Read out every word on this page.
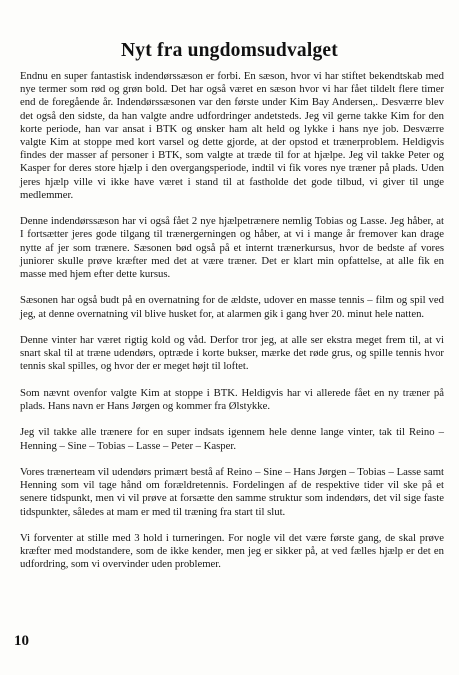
Nyt fra ungdomsudvalget

Endnu en super fantastisk indendørssæson er forbi. En sæson, hvor vi har stiftet bekendtskab med nye termer som rød og grøn bold. Det har også været en sæson hvor vi har fået tildelt flere timer end de foregående år. Indendørssæsonen var den første under Kim Bay Andersen,. Desværre blev det også den sidste, da han valgte andre udfordringer andetsteds. Jeg vil gerne takke Kim for den korte periode, han var ansat i BTK og ønsker ham alt held og lykke i hans nye job. Desværre valgte Kim at stoppe med kort varsel og dette gjorde, at der opstod et trænerproblem. Heldigvis findes der masser af personer i BTK, som valgte at træde til for at hjælpe. Jeg vil takke Peter og Kasper for deres store hjælp i den overgangsperiode, indtil vi fik vores nye træner på plads. Uden jeres hjælp ville vi ikke have været i stand til at fastholde det gode tilbud, vi giver til unge medlemmer.

Denne indendørssæson har vi også fået 2 nye hjælpetrænere nemlig Tobias og Lasse. Jeg håber, at I fortsætter jeres gode tilgang til trænergerningen og håber, at vi i mange år fremover kan drage nytte af jer som trænere. Sæsonen bød også på et internt trænerkursus, hvor de bedste af vores juniorer skulle prøve kræfter med det at være træner. Det er klart min opfattelse, at alle fik en masse med hjem efter dette kursus.

Sæsonen har også budt på en overnatning for de ældste, udover en masse tennis – film og spil ved jeg, at denne overnatning vil blive husket for, at alarmen gik i gang hver 20. minut hele natten.

Denne vinter har været rigtig kold og våd. Derfor tror jeg, at alle ser ekstra meget frem til, at vi snart skal til at træne udendørs, optræde i korte bukser, mærke det røde grus, og spille tennis hvor tennis skal spilles, og hvor der er meget højt til loftet.

Som nævnt ovenfor valgte Kim at stoppe i BTK. Heldigvis har vi allerede fået en ny træner på plads. Hans navn er Hans Jørgen og kommer fra Ølstykke.

Jeg vil takke alle trænere for en super indsats igennem hele denne lange vinter, tak til Reino – Henning – Sine – Tobias – Lasse – Peter – Kasper.

Vores trænerteam vil udendørs primært bestå af Reino – Sine – Hans Jørgen – Tobias – Lasse samt Henning som vil tage hånd om forældretennis. Fordelingen af de respektive tider vil ske på et senere tidspunkt, men vi vil prøve at forsætte den samme struktur som indendørs, det vil sige faste tidspunkter, således at mam er med til træning fra start til slut.

Vi forventer at stille med 3 hold i turneringen. For nogle vil det være første gang, de skal prøve kræfter med modstandere, som de ikke kender, men jeg er sikker på, at ved fælles hjælp er det en udfordring, som vi overvinder uden problemer.

10
